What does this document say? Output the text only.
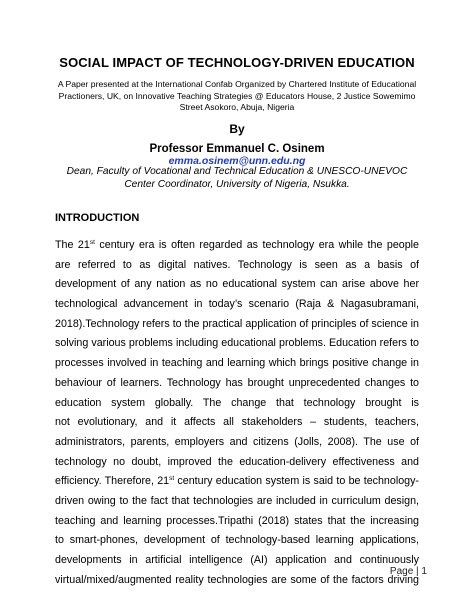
SOCIAL IMPACT OF TECHNOLOGY-DRIVEN EDUCATION
A Paper presented at the International Confab Organized by Chartered Institute of Educational
Practioners, UK, on Innovative Teaching Strategies @ Educators House, 2 Justice Sowemimo
Street Asokoro, Abuja, Nigeria
By
Professor Emmanuel C. Osinem
emma.osinem@unn.edu.ng
Dean, Faculty of Vocational and Technical Education & UNESCO-UNEVOC
Center Coordinator, University of Nigeria, Nsukka.
INTRODUCTION
The 21st century era is often regarded as technology era while the people
are referred to as digital natives. Technology is seen as a basis of
development of any nation as no educational system can arise above her
technological advancement in today’s scenario (Raja & Nagasubramani,
2018).Technology refers to the practical application of principles of science in
solving various problems including educational problems. Education refers to
processes involved in teaching and learning which brings positive change in
behaviour of learners. Technology has brought unprecedented changes to
education system globally. The change that technology brought is
not evolutionary, and it affects all stakeholders – students, teachers,
administrators, parents, employers and citizens (Jolls, 2008). The use of
technology no doubt, improved the education-delivery effectiveness and
efficiency. Therefore, 21st century education system is said to be technology-
driven owing to the fact that technologies are included in curriculum design,
teaching and learning processes.Tripathi (2018) states that the increasing
to smart-phones, development of technology-based learning applications,
developments in artificial intelligence (AI) application and continuously
virtual/mixed/augmented reality technologies are some of the factors driving
Page | 1
